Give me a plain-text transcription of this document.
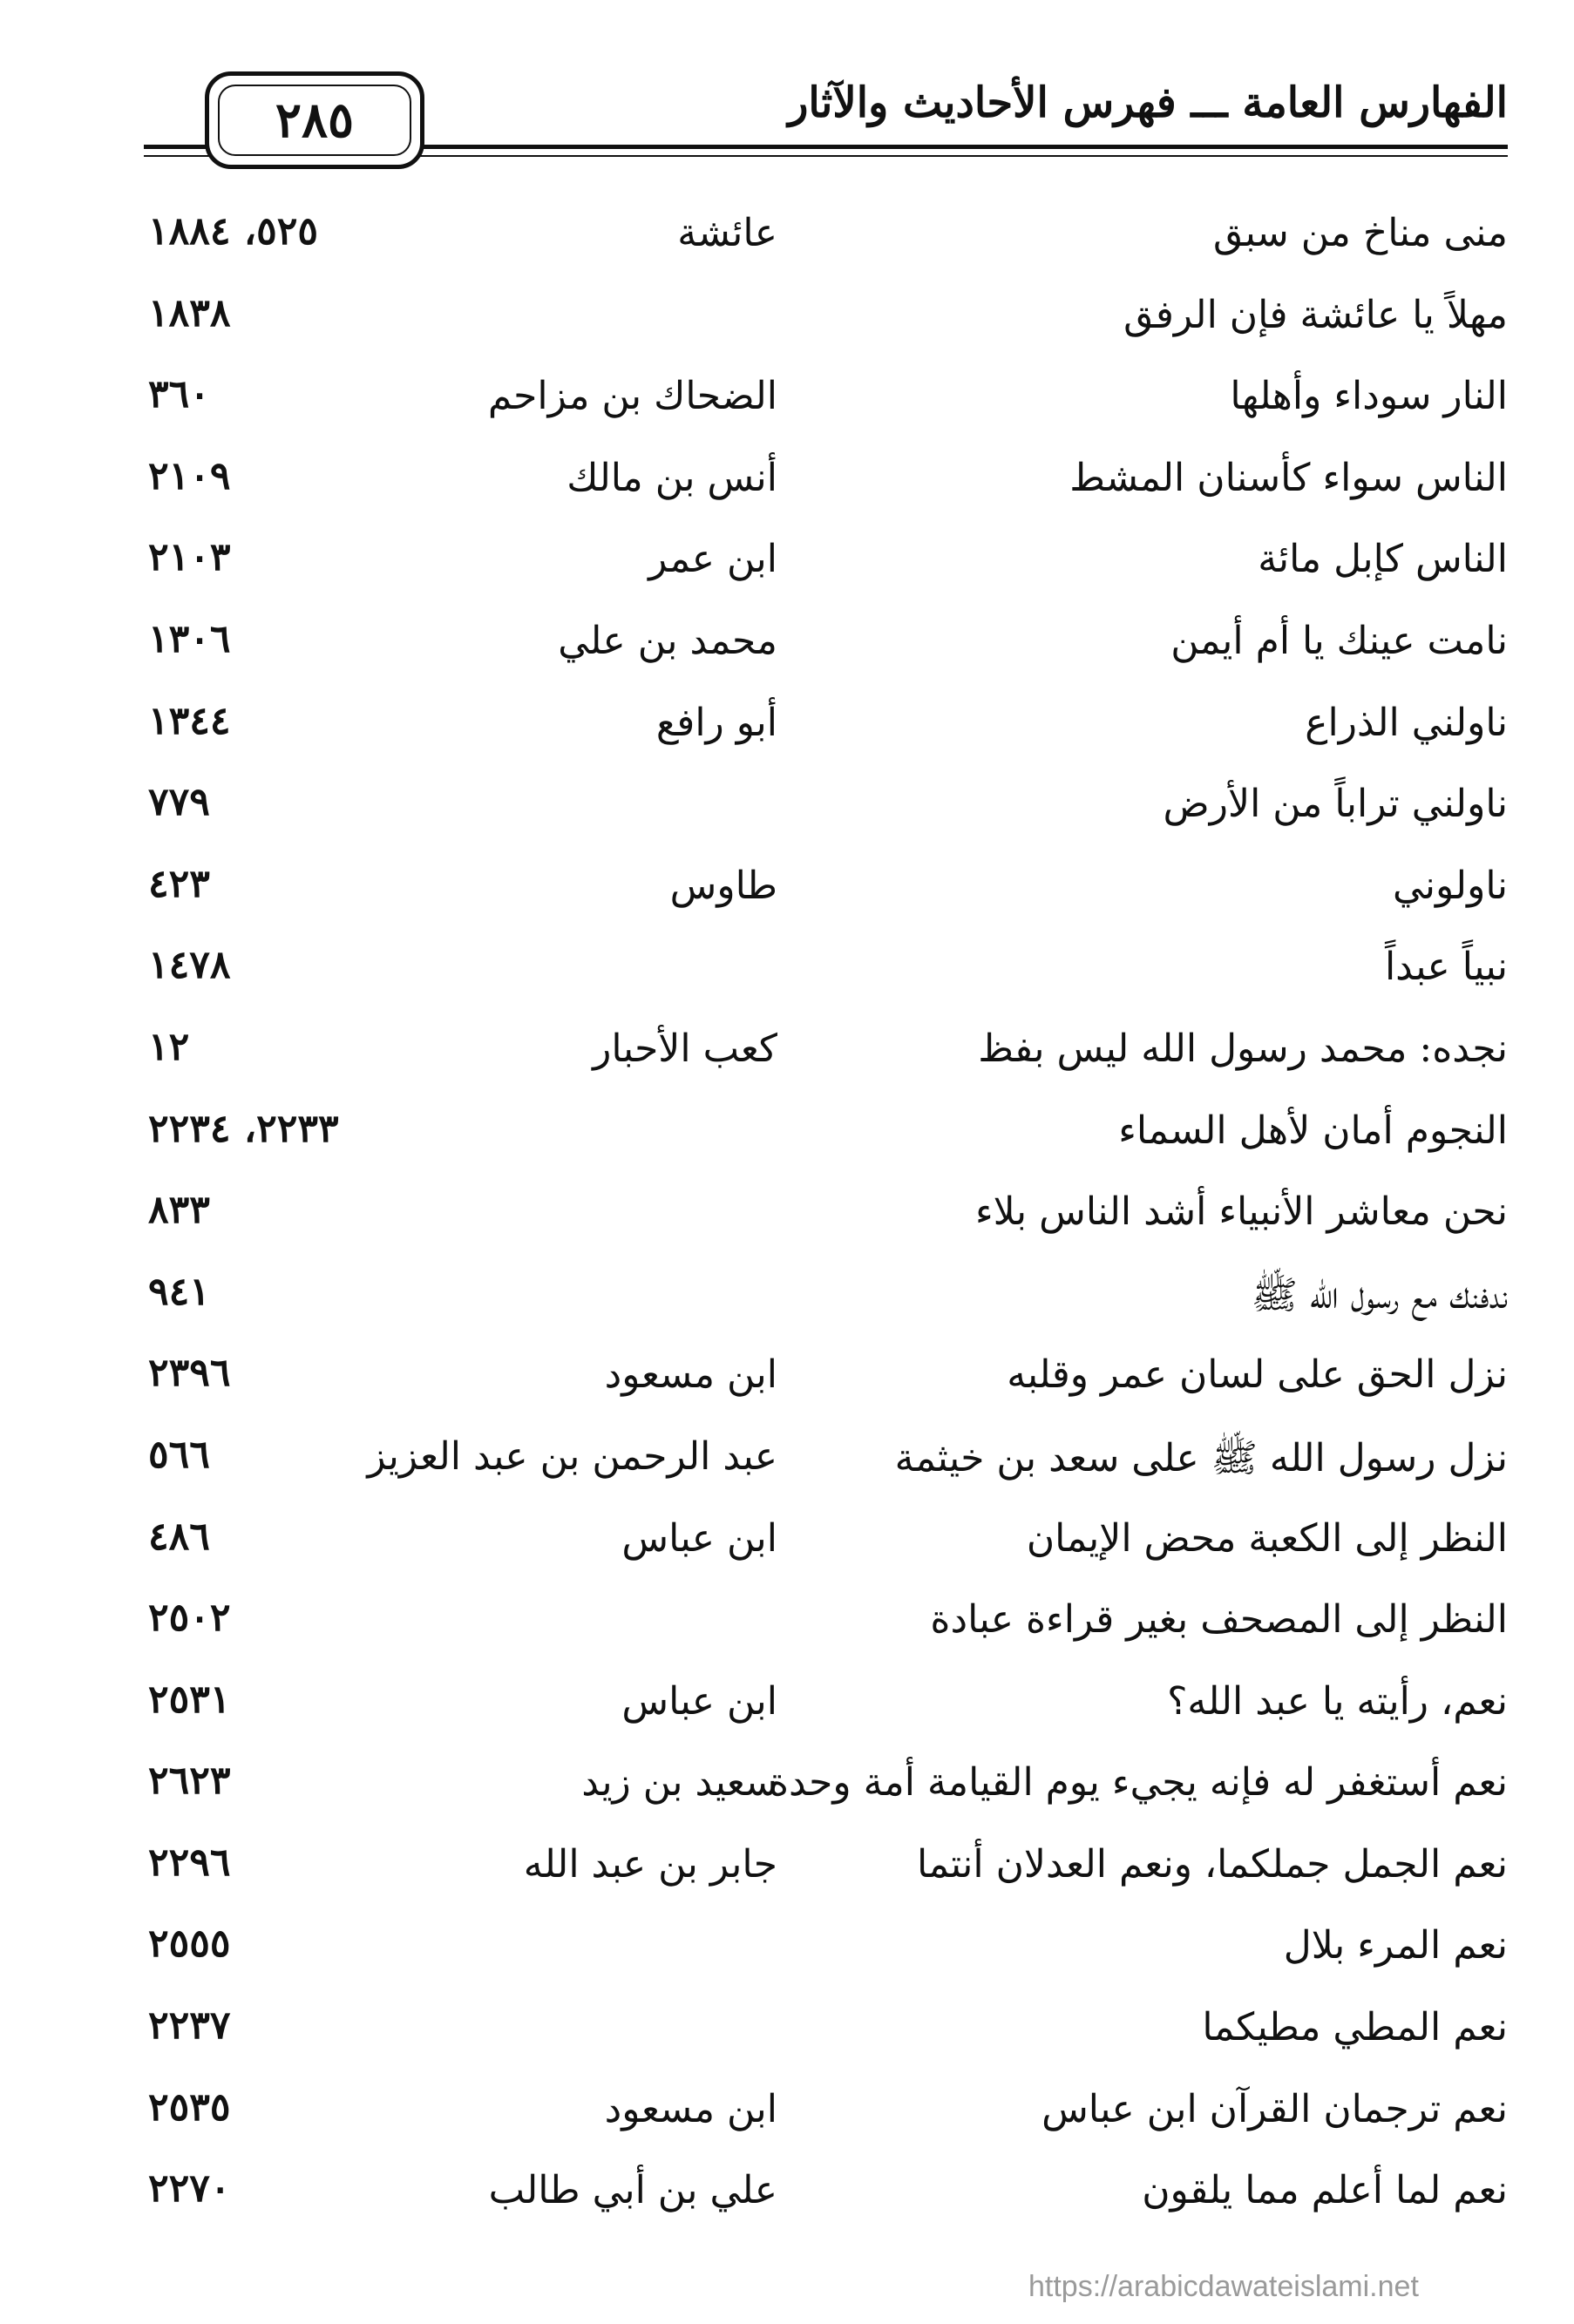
الفهارس العامة ـــ فهرس الأحاديث والآثار
٢٨٥
منى مناخ من سبق
عائشة
٥٢٥، ١٨٨٤
مهلاً يا عائشة فإن الرفق
١٨٣٨
النار سوداء وأهلها
الضحاك بن مزاحم
٣٦٠
الناس سواء كأسنان المشط
أنس بن مالك
٢١٠٩
الناس كإبل مائة
ابن عمر
٢١٠٣
نامت عينك يا أم أيمن
محمد بن علي
١٣٠٦
ناولني الذراع
أبو رافع
١٣٤٤
ناولني تراباً من الأرض
٧٧٩
ناولوني
طاوس
٤٢٣
نبياً عبداً
١٤٧٨
نجده: محمد رسول الله ليس بفظ
كعب الأحبار
١٢
النجوم أمان لأهل السماء
٢٢٣٣، ٢٢٣٤
نحن معاشر الأنبياء أشد الناس بلاء
٨٣٣
ندفنك مع رسول الله ﷺ
٩٤١
نزل الحق على لسان عمر وقلبه
ابن مسعود
٢٣٩٦
نزل رسول الله ﷺ على سعد بن خيثمة
عبد الرحمن بن عبد العزيز
٥٦٦
النظر إلى الكعبة محض الإيمان
ابن عباس
٤٨٦
النظر إلى المصحف بغير قراءة عبادة
٢٥٠٢
نعم، رأيته يا عبد الله؟
ابن عباس
٢٥٣١
نعم أستغفر له فإنه يجيء يوم القيامة أمة وحدة
سعيد بن زيد
٢٦٢٣
نعم الجمل جملكما، ونعم العدلان أنتما
جابر بن عبد الله
٢٢٩٦
نعم المرء بلال
٢٥٥٥
نعم المطي مطيكما
٢٢٣٧
نعم ترجمان القرآن ابن عباس
ابن مسعود
٢٥٣٥
نعم لما أعلم مما يلقون
علي بن أبي طالب
٢٢٧٠
https://arabicdawateislami.net
